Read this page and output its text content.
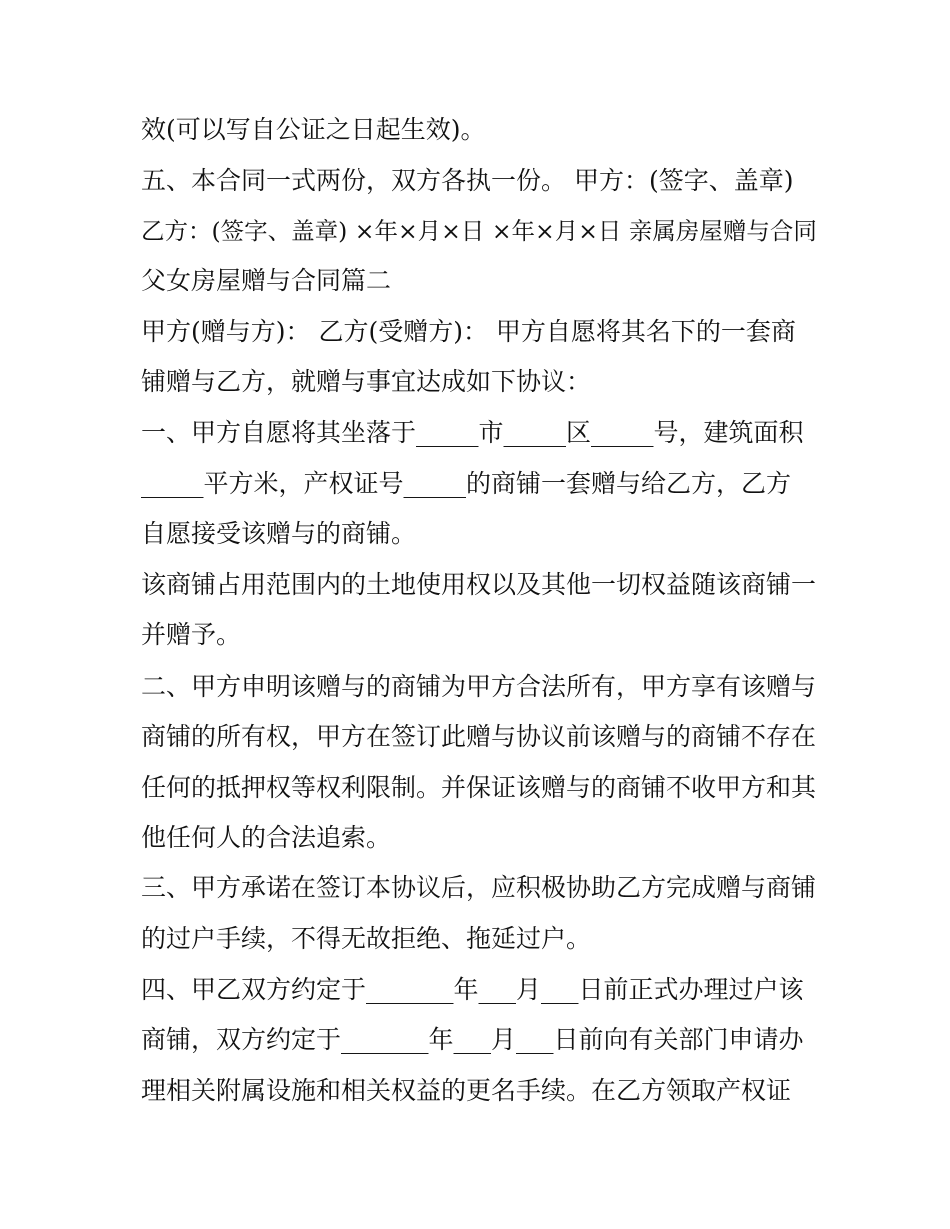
效(可以写自公证之日起生效)。
五、本合同一式两份，双方各执一份。 甲方：(签字、盖章)
乙方：(签字、盖章) ×年×月×日 ×年×月×日 亲属房屋赠与合同
父女房屋赠与合同篇二
甲方(赠与方)： 乙方(受赠方)： 甲方自愿将其名下的一套商
铺赠与乙方，就赠与事宜达成如下协议：
一、甲方自愿将其坐落于_____市_____区_____号，建筑面积
_____平方米，产权证号_____的商铺一套赠与给乙方，乙方
自愿接受该赠与的商铺。
该商铺占用范围内的土地使用权以及其他一切权益随该商铺一
并赠予。
二、甲方申明该赠与的商铺为甲方合法所有，甲方享有该赠与
商铺的所有权，甲方在签订此赠与协议前该赠与的商铺不存在
任何的抵押权等权利限制。并保证该赠与的商铺不收甲方和其
他任何人的合法追索。
三、甲方承诺在签订本协议后，应积极协助乙方完成赠与商铺
的过户手续，不得无故拒绝、拖延过户。
四、甲乙双方约定于_______年___月___日前正式办理过户该
商铺，双方约定于_______年___月___日前向有关部门申请办
理相关附属设施和相关权益的更名手续。在乙方领取产权证
